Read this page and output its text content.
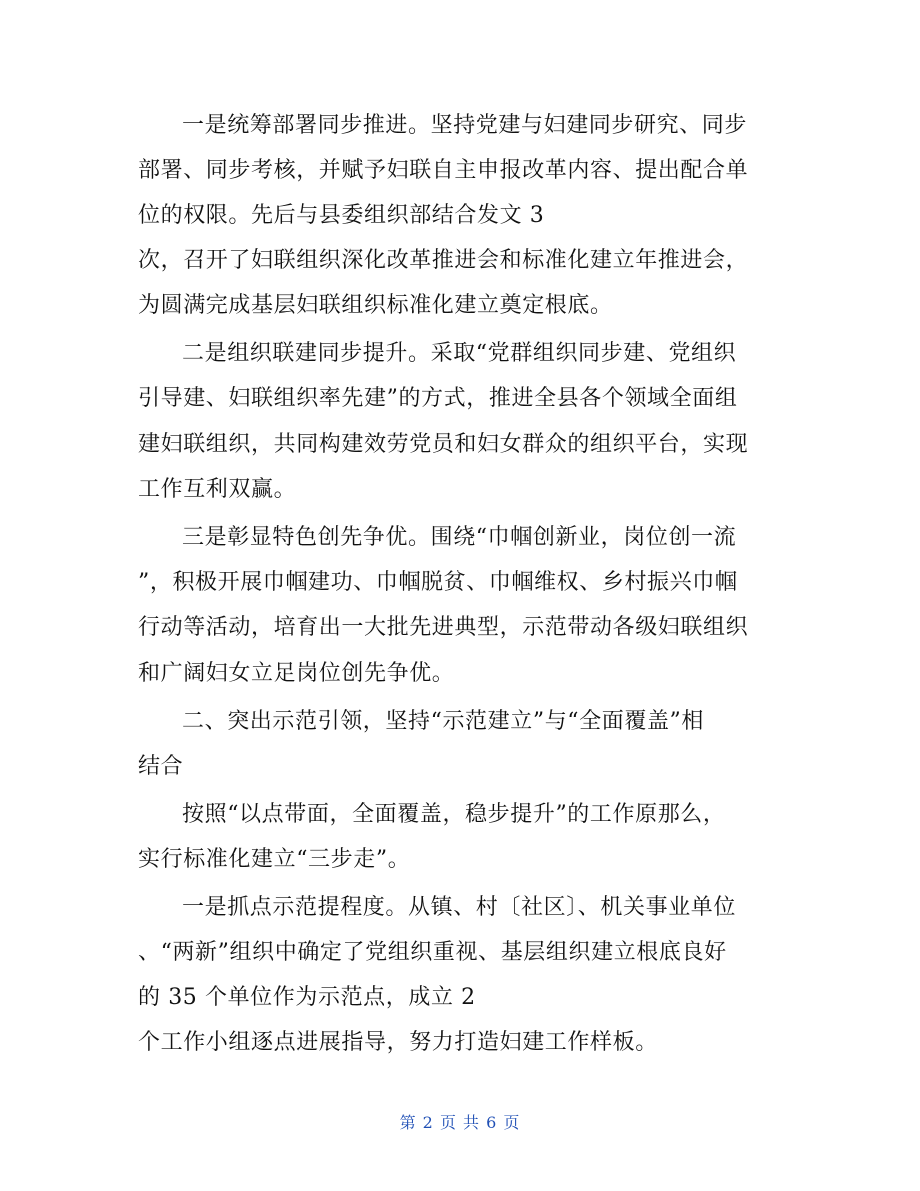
一是统筹部署同步推进。坚持党建与妇建同步研究、同步
部署、同步考核，并赋予妇联自主申报改革内容、提出配合单
位的权限。先后与县委组织部结合发文 3
次，召开了妇联组织深化改革推进会和标准化建立年推进会，
为圆满完成基层妇联组织标准化建立奠定根底。
二是组织联建同步提升。采取“党群组织同步建、党组织
引导建、妇联组织率先建”的方式，推进全县各个领域全面组
建妇联组织，共同构建效劳党员和妇女群众的组织平台，实现
工作互利双赢。
三是彰显特色创先争优。围绕“巾帼创新业，岗位创一流
”，积极开展巾帼建功、巾帼脱贫、巾帼维权、乡村振兴巾帼
行动等活动，培育出一大批先进典型，示范带动各级妇联组织
和广阔妇女立足岗位创先争优。
二、突出示范引领，坚持“示范建立”与“全面覆盖”相
结合
按照“以点带面，全面覆盖，稳步提升”的工作原那么，
实行标准化建立“三步走”。
一是抓点示范提程度。从镇、村〔社区〕、机关事业单位
、“两新”组织中确定了党组织重视、基层组织建立根底良好
的 35 个单位作为示范点，成立 2
个工作小组逐点进展指导，努力打造妇建工作样板。
第 2 页 共 6 页
